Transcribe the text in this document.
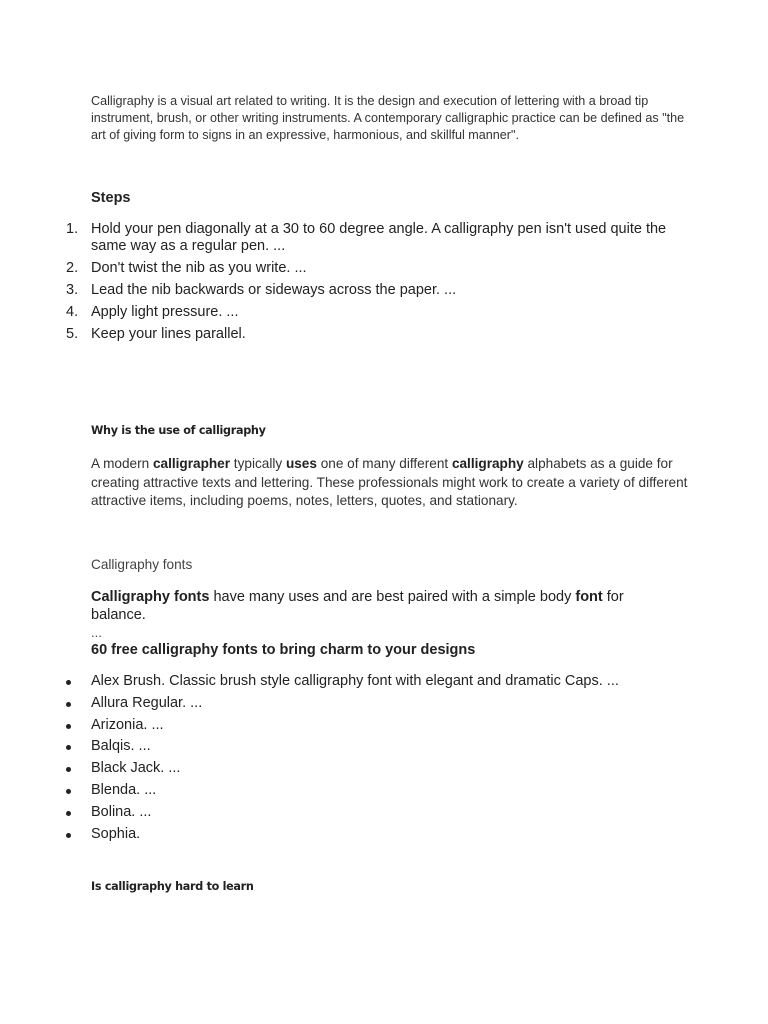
Calligraphy is a visual art related to writing. It is the design and execution of lettering with a broad tip instrument, brush, or other writing instruments. A contemporary calligraphic practice can be defined as "the art of giving form to signs in an expressive, harmonious, and skillful manner".

Steps
1. Hold your pen diagonally at a 30 to 60 degree angle. A calligraphy pen isn't used quite the same way as a regular pen. ...
2. Don't twist the nib as you write. ...
3. Lead the nib backwards or sideways across the paper. ...
4. Apply light pressure. ...
5. Keep your lines parallel.
Why is the use of calligraphy

A modern calligrapher typically uses one of many different calligraphy alphabets as a guide for creating attractive texts and lettering. These professionals might work to create a variety of different attractive items, including poems, notes, letters, quotes, and stationary.

Calligraphy fonts

Calligraphy fonts have many uses and are best paired with a simple body font for balance.

...

60 free calligraphy fonts to bring charm to your designs

Alex Brush. Classic brush style calligraphy font with elegant and dramatic Caps. ...
Allura Regular. ...
Arizonia. ...
Balqis. ...
Black Jack. ...
Blenda. ...
Bolina. ...
Sophia.
Is calligraphy hard to learn
